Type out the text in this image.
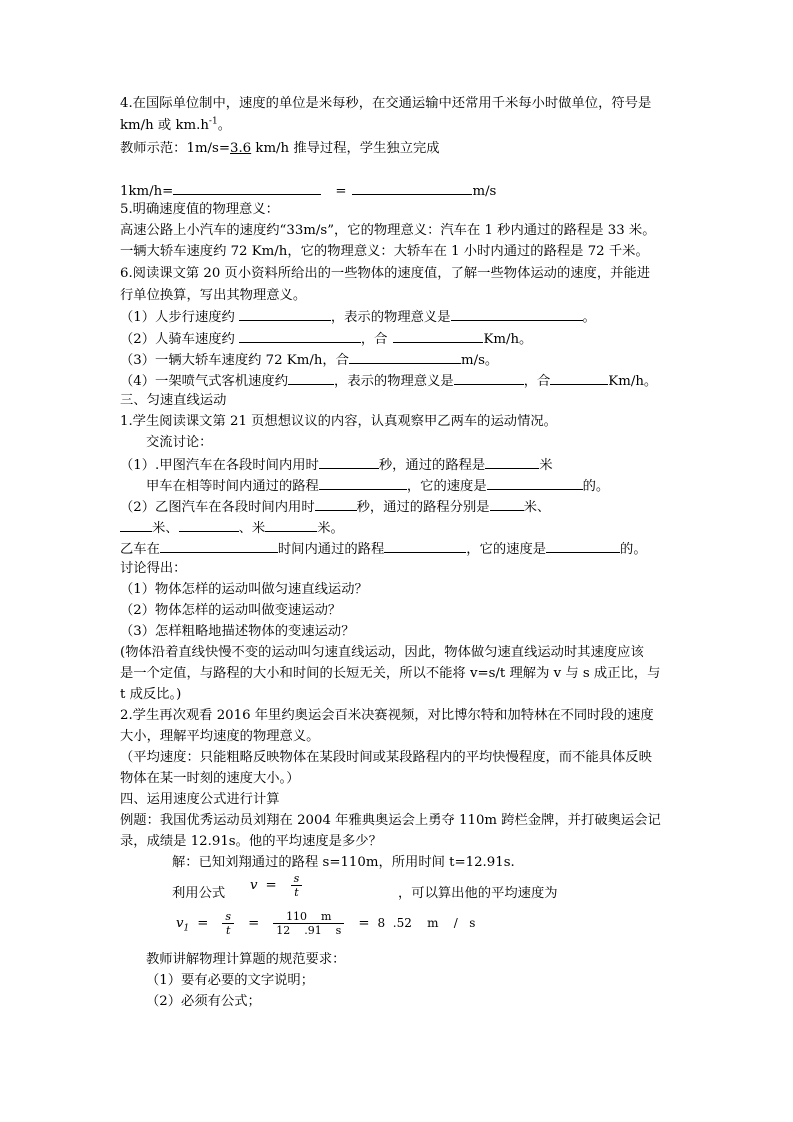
4.在国际单位制中，速度的单位是米每秒，在交通运输中还常用千米每小时做单位，符号是
km/h 或 $km.h^{-1}$。
教师示范：1m/s=3.6 km/h 推导过程，学生独立完成
1km/h=	=	m/s
5.明确速度值的物理意义：
高速公路上小汽车的速度约“33m/s”，它的物理意义：汽车在 1 秒内通过的路程是 33 米。
一辆大轿车速度约 72 Km/h，它的物理意义：大轿车在 1 小时内通过的路程是 72 千米。
6.阅读课文第 20 页小资料所给出的一些物体的速度值，了解一些物体运动的速度，并能进
行单位换算，写出其物理意义。
（1）人步行速度约	，表示的物理意义是	。
（2）人骑车速度约	，合	Km/h。
（3）一辆大轿车速度约 72 Km/h，合	m/s。
（4）一架喷气式客机速度约	，表示的物理意义是	，合	Km/h。
三、匀速直线运动
1.学生阅读课文第 21 页想想议议的内容，认真观察甲乙两车的运动情况。
交流讨论：
（1）.甲图汽车在各段时间内用时	秒，通过的路程是	米
甲车在相等时间内通过的路程	，它的速度是	的。
（2）乙图汽车在各段时间内用时	秒，通过的路程分别是	米、
米、	、米	米。
乙车在	时间内通过的路程	，它的速度是	的。
讨论得出：
（1）物体怎样的运动叫做匀速直线运动？
（2）物体怎样的运动叫做变速运动？
（3）怎样粗略地描述物体的变速运动？
(物体沿着直线快慢不变的运动叫匀速直线运动，因此，物体做匀速直线运动时其速度应该
是一个定值，与路程的大小和时间的长短无关，所以不能将 v=s/t 理解为 v 与 s 成正比，与
t 成反比。)
2.学生再次观看 2016 年里约奥运会百米决赛视频，对比博尔特和加特林在不同时段的速度
大小，理解平均速度的物理意义。
（平均速度：只能粗略反映物体在某段时间或某段路程内的平均快慢程度，而不能具体反映
物体在某一时刻的速度大小。）
四、运用速度公式进行计算
例题：我国优秀运动员刘翔在 2004 年雅典奥运会上勇夺 110m 跨栏金牌，并打破奥运会记
录，成绩是 12.91s。他的平均速度是多少？
解：已知刘翔通过的路程 s=110m，所用时间 t=12.91s.
利用公式
$v = \frac{s}{t}$	，可以算出他的平均速度为
$v_1 = \frac{s}{t} = \frac{110 m}{12 .91 s} = 8$  .52    m    /   s
教师讲解物理计算题的规范要求：
（1）要有必要的文字说明；
（2）必须有公式；
